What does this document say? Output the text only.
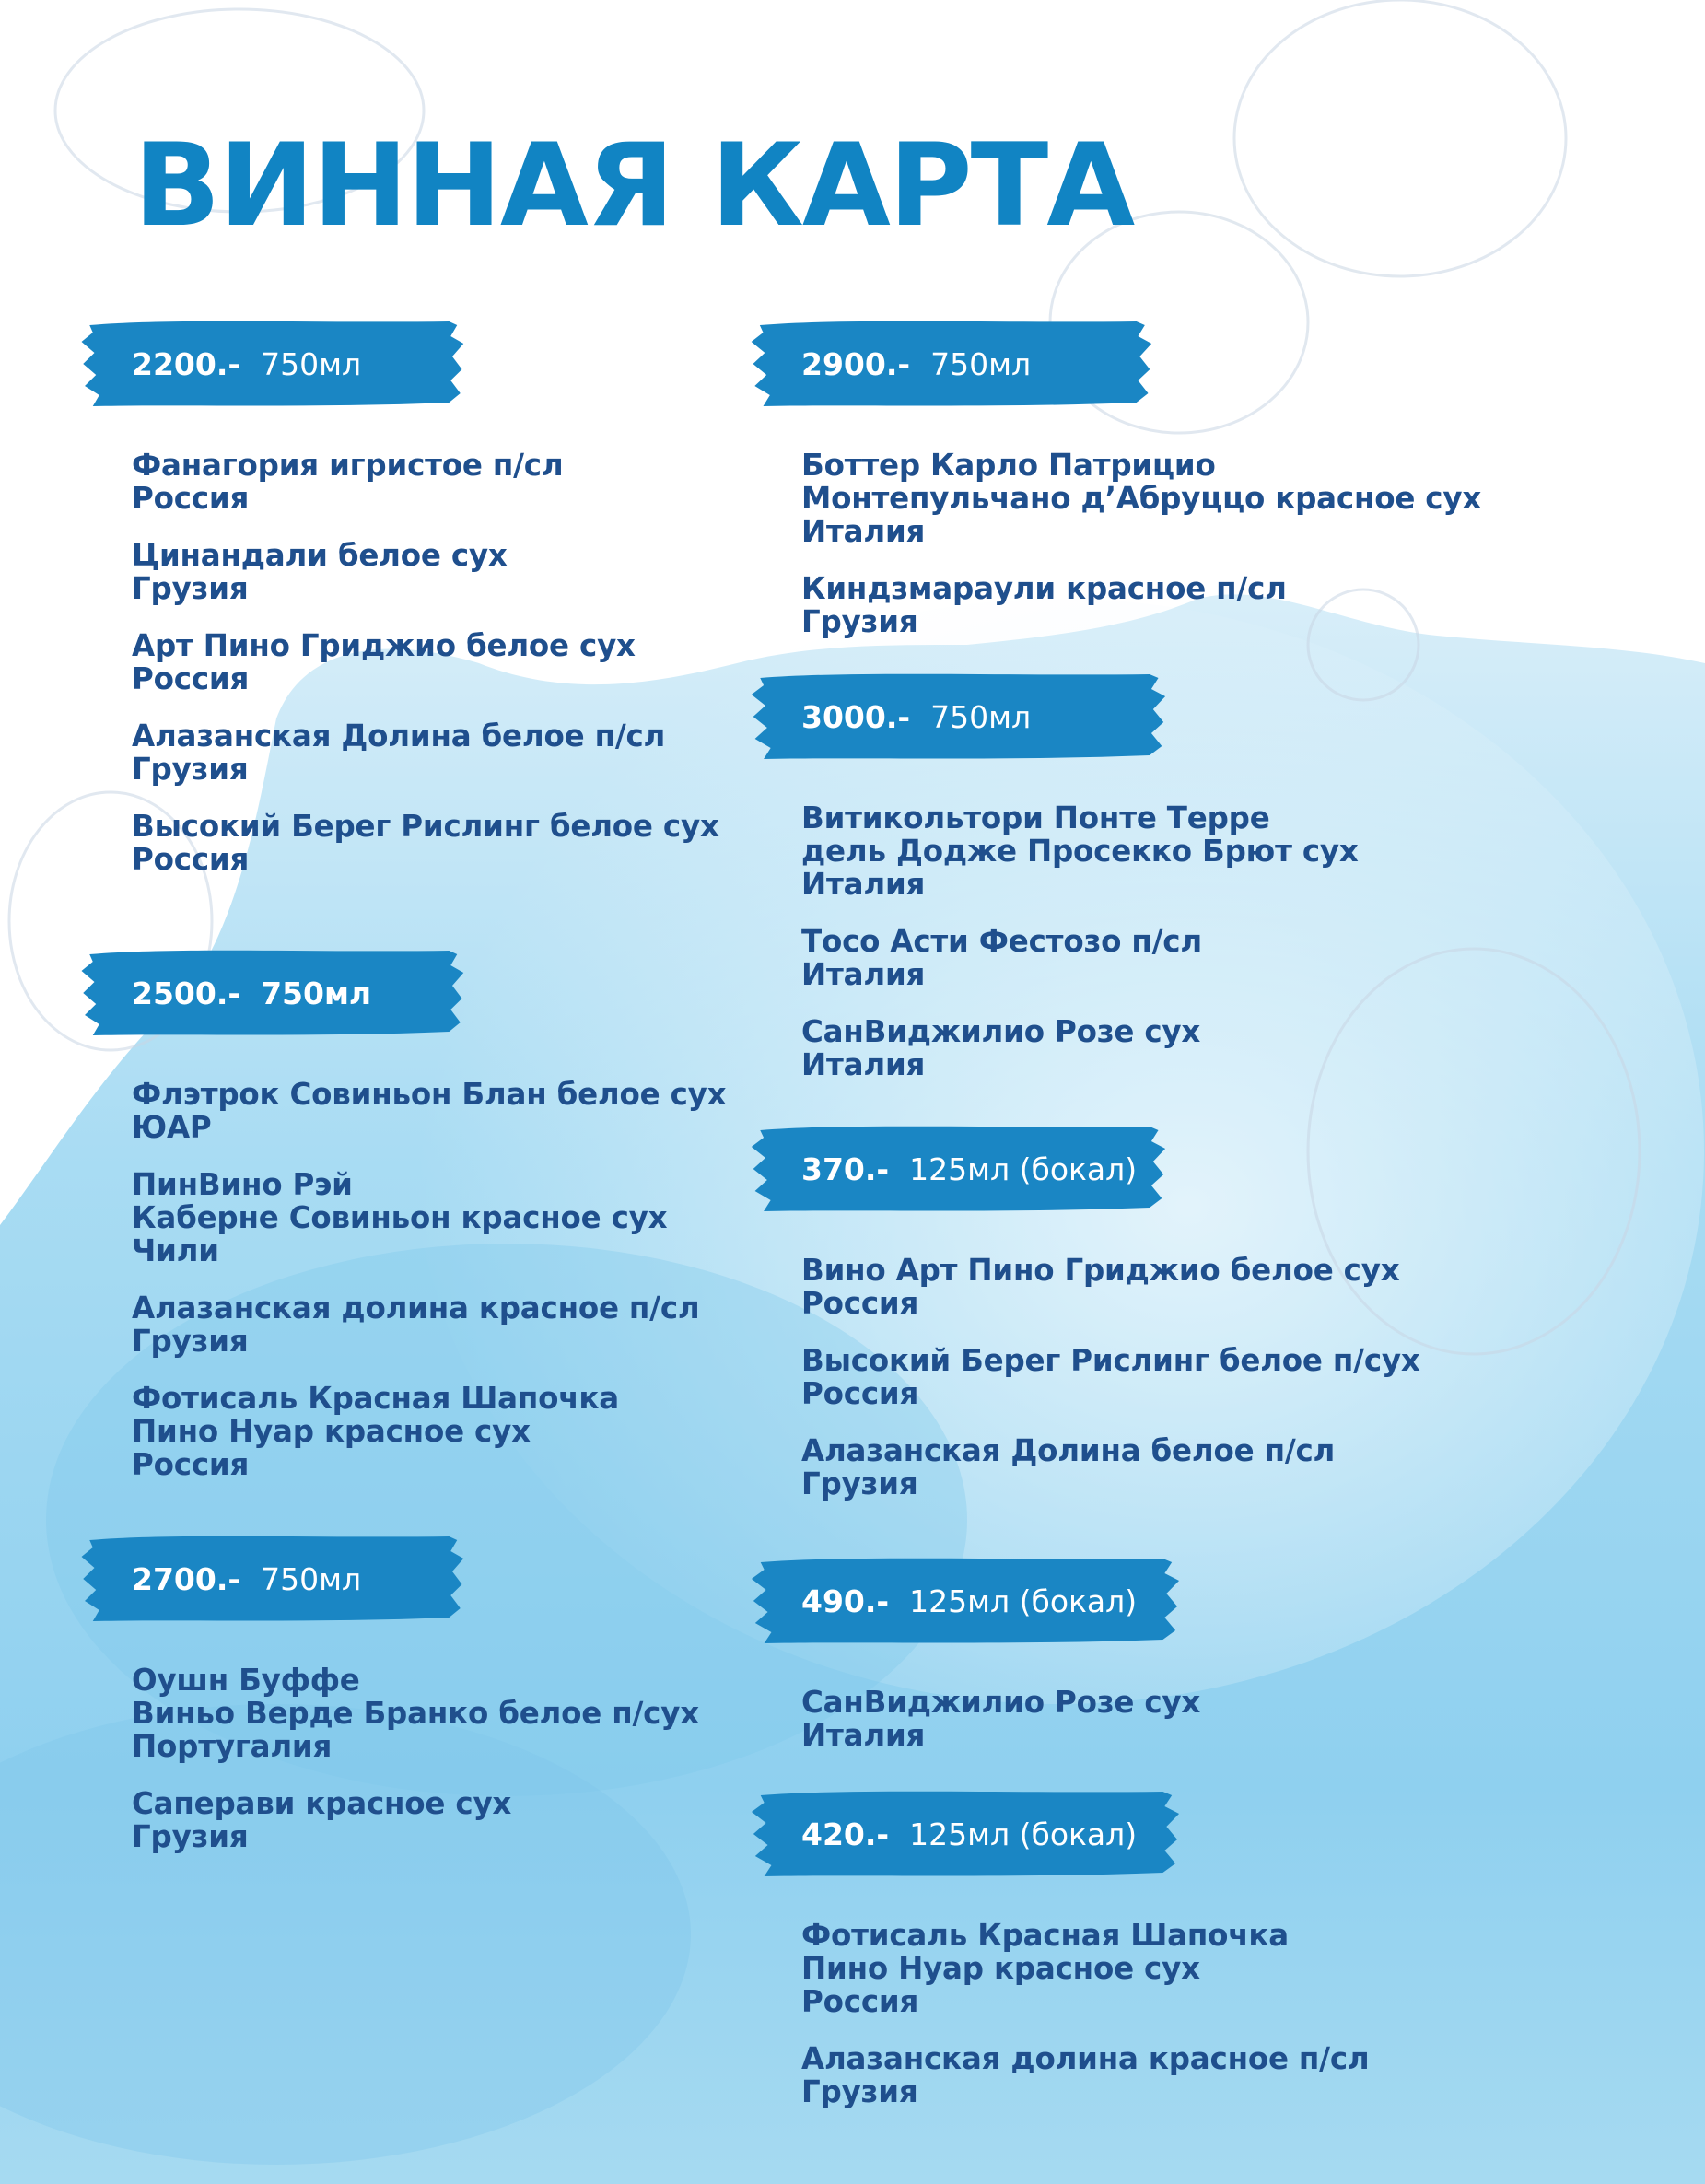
ВИННАЯ КАРТА
2200.- 750мл
Фанагория игристое п/сл
Россия
Цинандали белое сух
Грузия
Арт Пино Гриджио белое сух
Россия
Алазанская Долина белое п/сл
Грузия
Высокий Берег Рислинг белое сух
Россия
2500.- 750мл
Флэтрок Совиньон Блан белое сух
ЮАР
ПинВино Рэй
Каберне Совиньон красное сух
Чили
Алазанская долина красное п/сл
Грузия
Фотисаль Красная Шапочка
Пино Нуар красное сух
Россия
2700.- 750мл
Оушн Буффе
Виньо Верде Бранко белое п/сух
Португалия
Саперави красное сух
Грузия
2900.- 750мл
Боттер Карло Патрицио
Монтепульчано д’Абруццо красное сух
Италия
Киндзмараули красное п/сл
Грузия
3000.- 750мл
Витикольтори Понте Терре
дель Додже Просекко Брют сух
Италия
Тосо Асти Фестозо п/сл
Италия
СанВиджилио Розе сух
Италия
370.- 125мл (бокал)
Вино Арт Пино Гриджио белое сух
Россия
Высокий Берег Рислинг белое п/сух
Россия
Алазанская Долина белое п/сл
Грузия
490.- 125мл (бокал)
СанВиджилио Розе сух
Италия
420.- 125мл (бокал)
Фотисаль Красная Шапочка
Пино Нуар красное сух
Россия
Алазанская долина красное п/сл
Грузия
